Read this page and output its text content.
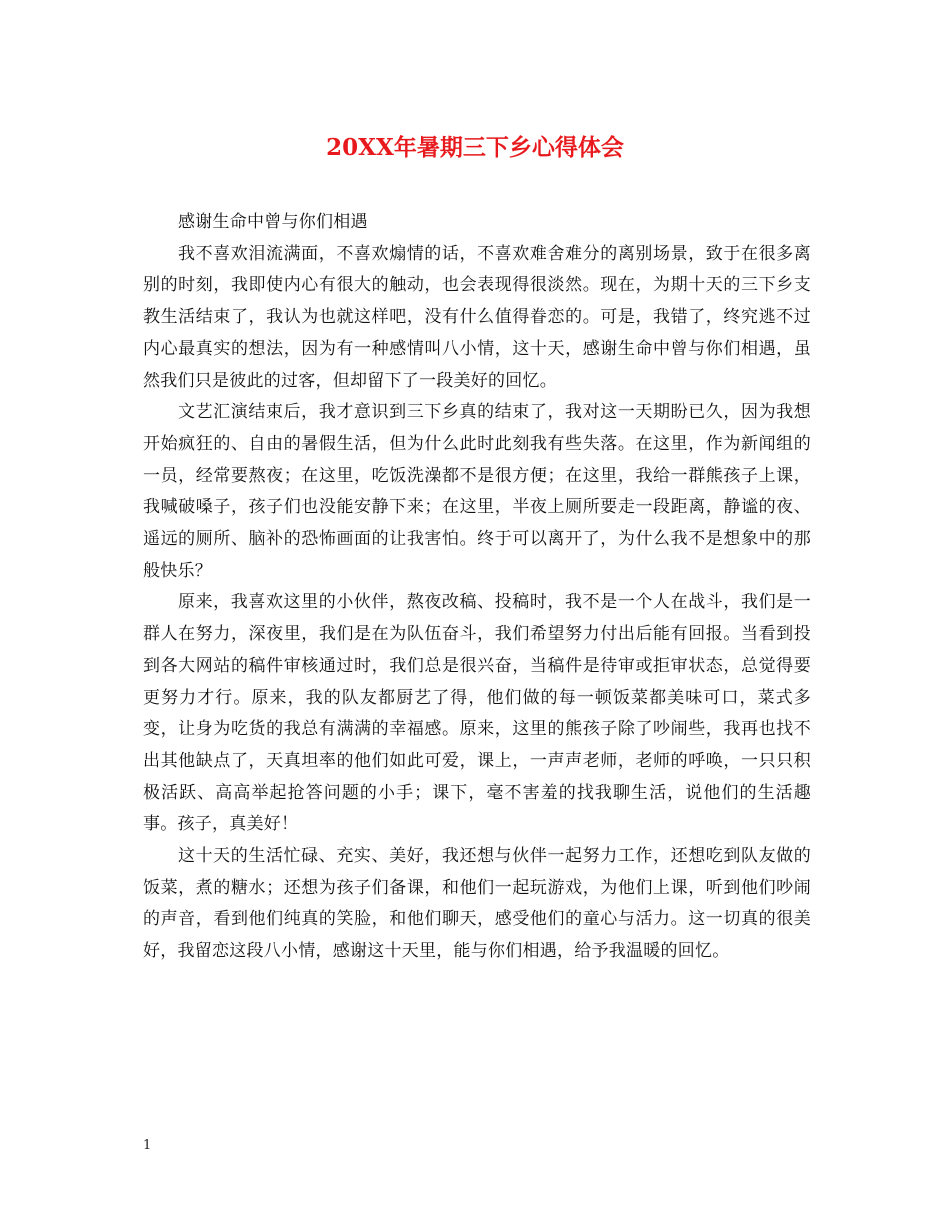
20XX年暑期三下乡心得体会

感谢生命中曾与你们相遇

我不喜欢泪流满面，不喜欢煽情的话，不喜欢难舍难分的离别场景，致于在很多离别的时刻，我即使内心有很大的触动，也会表现得很淡然。现在，为期十天的三下乡支教生活结束了，我认为也就这样吧，没有什么值得眷恋的。可是，我错了，终究逃不过内心最真实的想法，因为有一种感情叫八小情，这十天，感谢生命中曾与你们相遇，虽然我们只是彼此的过客，但却留下了一段美好的回忆。

文艺汇演结束后，我才意识到三下乡真的结束了，我对这一天期盼已久，因为我想开始疯狂的、自由的暑假生活，但为什么此时此刻我有些失落。在这里，作为新闻组的一员，经常要熬夜；在这里，吃饭洗澡都不是很方便；在这里，我给一群熊孩子上课，我喊破嗓子，孩子们也没能安静下来；在这里，半夜上厕所要走一段距离，静谧的夜、遥远的厕所、脑补的恐怖画面的让我害怕。终于可以离开了，为什么我不是想象中的那般快乐？

原来，我喜欢这里的小伙伴，熬夜改稿、投稿时，我不是一个人在战斗，我们是一群人在努力，深夜里，我们是在为队伍奋斗，我们希望努力付出后能有回报。当看到投到各大网站的稿件审核通过时，我们总是很兴奋，当稿件是待审或拒审状态，总觉得要更努力才行。原来，我的队友都厨艺了得，他们做的每一顿饭菜都美味可口，菜式多变，让身为吃货的我总有满满的幸福感。原来，这里的熊孩子除了吵闹些，我再也找不出其他缺点了，天真坦率的他们如此可爱，课上，一声声老师，老师的呼唤，一只只积极活跃、高高举起抢答问题的小手；课下，毫不害羞的找我聊生活，说他们的生活趣事。孩子，真美好！

这十天的生活忙碌、充实、美好，我还想与伙伴一起努力工作，还想吃到队友做的饭菜，煮的糖水；还想为孩子们备课，和他们一起玩游戏，为他们上课，听到他们吵闹的声音，看到他们纯真的笑脸，和他们聊天，感受他们的童心与活力。这一切真的很美好，我留恋这段八小情，感谢这十天里，能与你们相遇，给予我温暖的回忆。

1
